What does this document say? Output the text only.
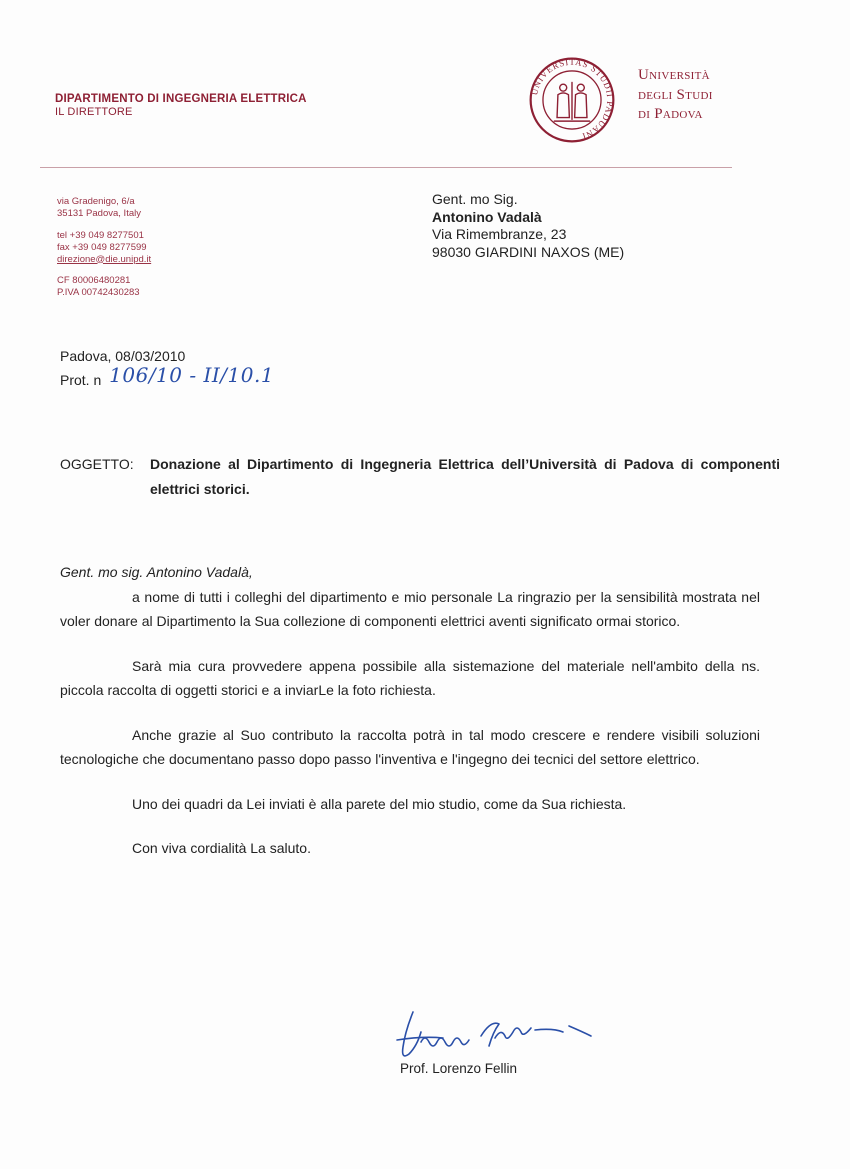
DIPARTIMENTO DI INGEGNERIA ELETTRICA
IL DIRETTORE
UNIVERSITAS STUDII PADUANI
Università
degli Studi
di Padova
via Gradenigo, 6/a
35131 Padova, Italy
tel +39 049 8277501
fax +39 049 8277599
direzione@die.unipd.it
CF 80006480281
P.IVA 00742430283
Gent. mo Sig.
Antonino Vadalà
Via Rimembranze, 23
98030 GIARDINI NAXOS (ME)
Padova, 08/03/2010
Prot. n 106/10 - II/10.1
OGGETTO: Donazione al Dipartimento di Ingegneria Elettrica dell’Università di Padova di componenti elettrici storici.
Gent. mo sig. Antonino Vadalà,

a nome di tutti i colleghi del dipartimento e mio personale La ringrazio per la sensibilità mostrata nel voler donare al Dipartimento la Sua collezione di componenti elettrici aventi significato ormai storico.

Sarà mia cura provvedere appena possibile alla sistemazione del materiale nell'ambito della ns. piccola raccolta di oggetti storici e a inviarLe la foto richiesta.

Anche grazie al Suo contributo la raccolta potrà in tal modo crescere e rendere visibili soluzioni tecnologiche che documentano passo dopo passo l'inventiva e l'ingegno dei tecnici del settore elettrico.

Uno dei quadri da Lei inviati è alla parete del mio studio, come da Sua richiesta.

Con viva cordialità La saluto.

Prof. Lorenzo Fellin
